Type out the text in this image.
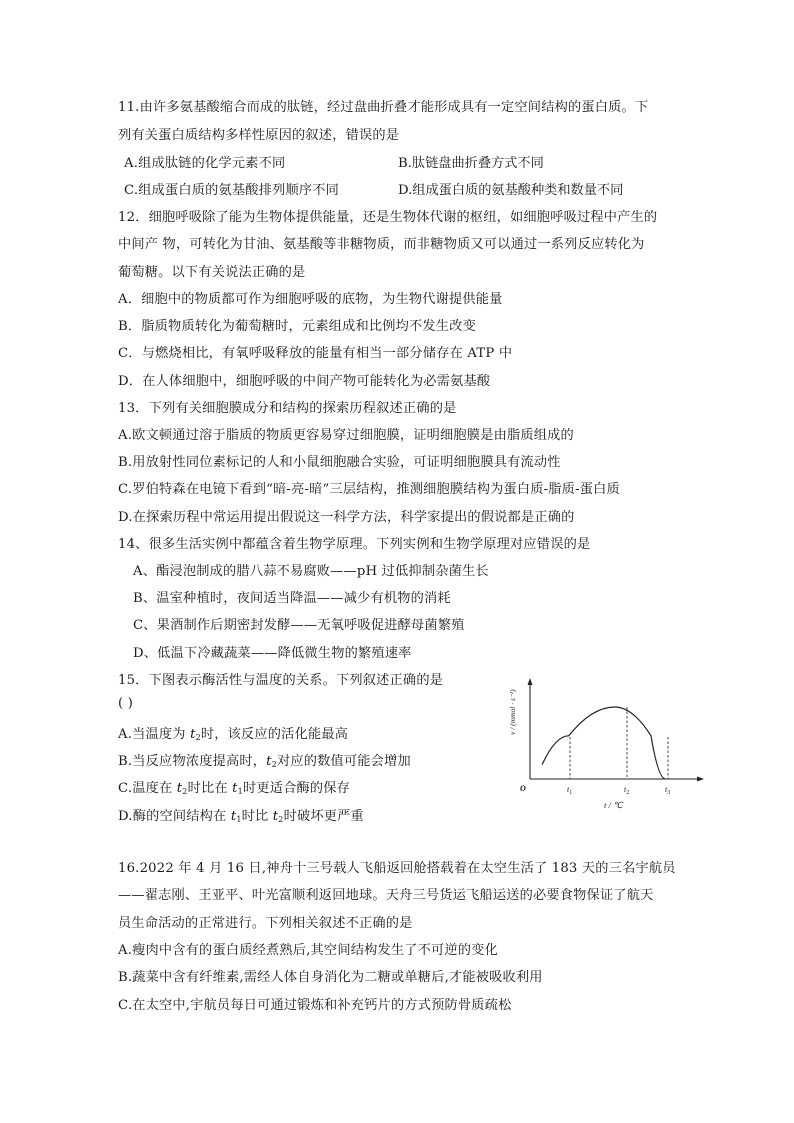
11.由许多氨基酸缩合而成的肽链，经过盘曲折叠才能形成具有一定空间结构的蛋白质。下
列有关蛋白质结构多样性原因的叙述，错误的是
A.组成肽链的化学元素不同	B.肽链盘曲折叠方式不同
C.组成蛋白质的氨基酸排列顺序不同	D.组成蛋白质的氨基酸种类和数量不同
12．细胞呼吸除了能为生物体提供能量，还是生物体代谢的枢纽，如细胞呼吸过程中产生的
中间产 物，可转化为甘油、氨基酸等非糖物质，而非糖物质又可以通过一系列反应转化为
葡萄糖。以下有关说法正确的是
A．细胞中的物质都可作为细胞呼吸的底物，为生物代谢提供能量
B．脂质物质转化为葡萄糖时，元素组成和比例均不发生改变
C．与燃烧相比，有氧呼吸释放的能量有相当一部分储存在 ATP 中
D．在人体细胞中，细胞呼吸的中间产物可能转化为必需氨基酸
13．下列有关细胞膜成分和结构的探索历程叙述正确的是
A.欧文顿通过溶于脂质的物质更容易穿过细胞膜，证明细胞膜是由脂质组成的
B.用放射性同位素标记的人和小鼠细胞融合实验，可证明细胞膜具有流动性
C.罗伯特森在电镜下看到“暗-亮-暗”三层结构，推测细胞膜结构为蛋白质-脂质-蛋白质
D.在探索历程中常运用提出假说这一科学方法，科学家提出的假说都是正确的
14、很多生活实例中都蕴含着生物学原理。下列实例和生物学原理对应错误的是
A、酯浸泡制成的腊八蒜不易腐败——pH 过低抑制杂菌生长
B、温室种植时，夜间适当降温——减少有机物的消耗
C、果酒制作后期密封发酵——无氧呼吸促进酵母菌繁殖
D、低温下冷藏蔬菜——降低微生物的繁殖速率
15．下图表示酶活性与温度的关系。下列叙述正确的是
( )
A.当温度为 $t_2$时，该反应的活化能最高
B.当反应物浓度提高时，$t_2$对应的数值可能会增加
C.温度在 $t_2$时比在 $t_1$时更适合酶的保存
D.酶的空间结构在 $t_1$时比 $t_2$时破坏更严重
v / (mmol · s⁻¹)
O	$t_1$	$t_2$	$t_3$
t / ℃
16.2022 年 4 月 16 日,神舟十三号载人飞船返回舱搭载着在太空生活了 183 天的三名宇航员
——翟志刚、王亚平、叶光富顺利返回地球。天舟三号货运飞船运送的必要食物保证了航天
员生命活动的正常进行。下列相关叙述不正确的是
A.瘦肉中含有的蛋白质经煮熟后,其空间结构发生了不可逆的变化
B.蔬菜中含有纤维素,需经人体自身消化为二糖或单糖后,才能被吸收利用
C.在太空中,宇航员每日可通过锻炼和补充钙片的方式预防骨质疏松
